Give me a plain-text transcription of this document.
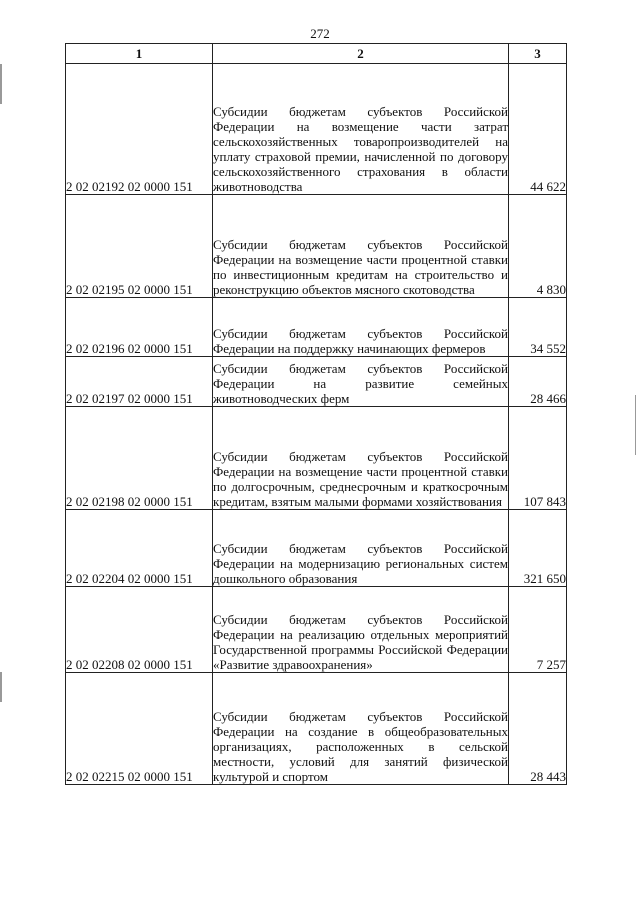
272
1	2	3
2 02 02192 02 0000 151	Субсидии бюджетам субъектов Российской Федерации на возмещение части затрат сельскохозяйственных товаропроизводителей на уплату страховой премии, начисленной по договору сельскохозяйственного страхования в области животноводства	44 622
2 02 02195 02 0000 151	Субсидии бюджетам субъектов Российской Федерации на возмещение части процентной ставки по инвестиционным кредитам на строительство и реконструкцию объектов мясного скотоводства	4 830
2 02 02196 02 0000 151	Субсидии бюджетам субъектов Российской Федерации на поддержку начинающих фермеров	34 552
2 02 02197 02 0000 151	Субсидии бюджетам субъектов Российской Федерации на развитие семейных животноводческих ферм	28 466
2 02 02198 02 0000 151	Субсидии бюджетам субъектов Российской Федерации на возмещение части процентной ставки по долгосрочным, среднесрочным и краткосрочным кредитам, взятым малыми формами хозяйствования	107 843
2 02 02204 02 0000 151	Субсидии бюджетам субъектов Российской Федерации на модернизацию региональных систем дошкольного образования	321 650
2 02 02208 02 0000 151	Субсидии бюджетам субъектов Российской Федерации на реализацию отдельных мероприятий Государственной программы Российской Федерации «Развитие здравоохранения»	7 257
2 02 02215 02 0000 151	Субсидии бюджетам субъектов Российской Федерации на создание в общеобразовательных организациях, расположенных в сельской местности, условий для занятий физической культурой и спортом	28 443
